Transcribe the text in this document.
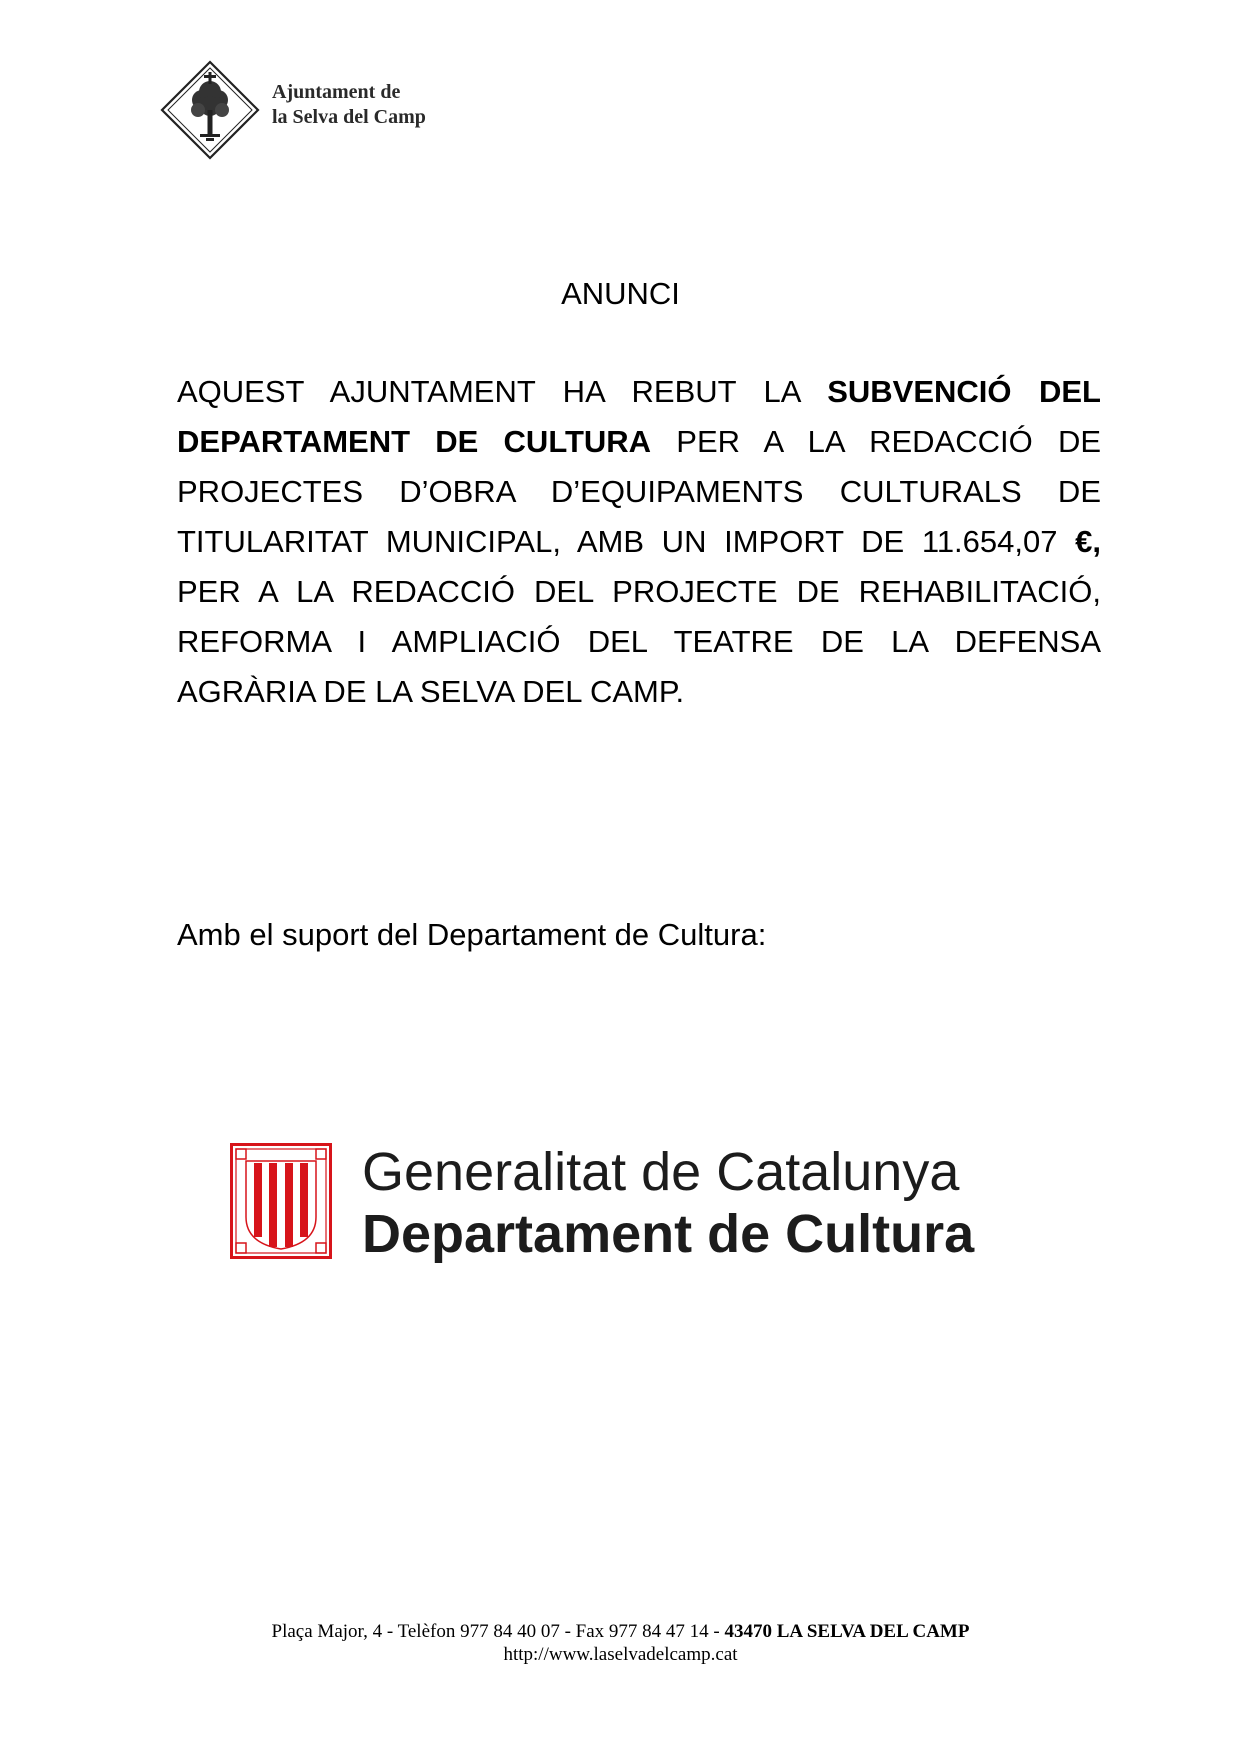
Ajuntament de
la Selva del Camp
ANUNCI

AQUEST AJUNTAMENT HA REBUT LA SUBVENCIÓ DEL DEPARTAMENT DE CULTURA PER A LA REDACCIÓ DE PROJECTES D’OBRA D’EQUIPAMENTS CULTURALS DE TITULARITAT MUNICIPAL, AMB UN IMPORT DE 11.654,07 €, PER A LA REDACCIÓ DEL PROJECTE DE REHABILITACIÓ, REFORMA I AMPLIACIÓ DEL TEATRE DE LA DEFENSA AGRÀRIA DE LA SELVA DEL CAMP.

Amb el suport del Departament de Cultura:
Generalitat de Catalunya
Departament de Cultura
Plaça Major, 4 - Telèfon 977 84 40 07 - Fax 977 84 47 14 - 43470 LA SELVA DEL CAMP
http://www.laselvadelcamp.cat
